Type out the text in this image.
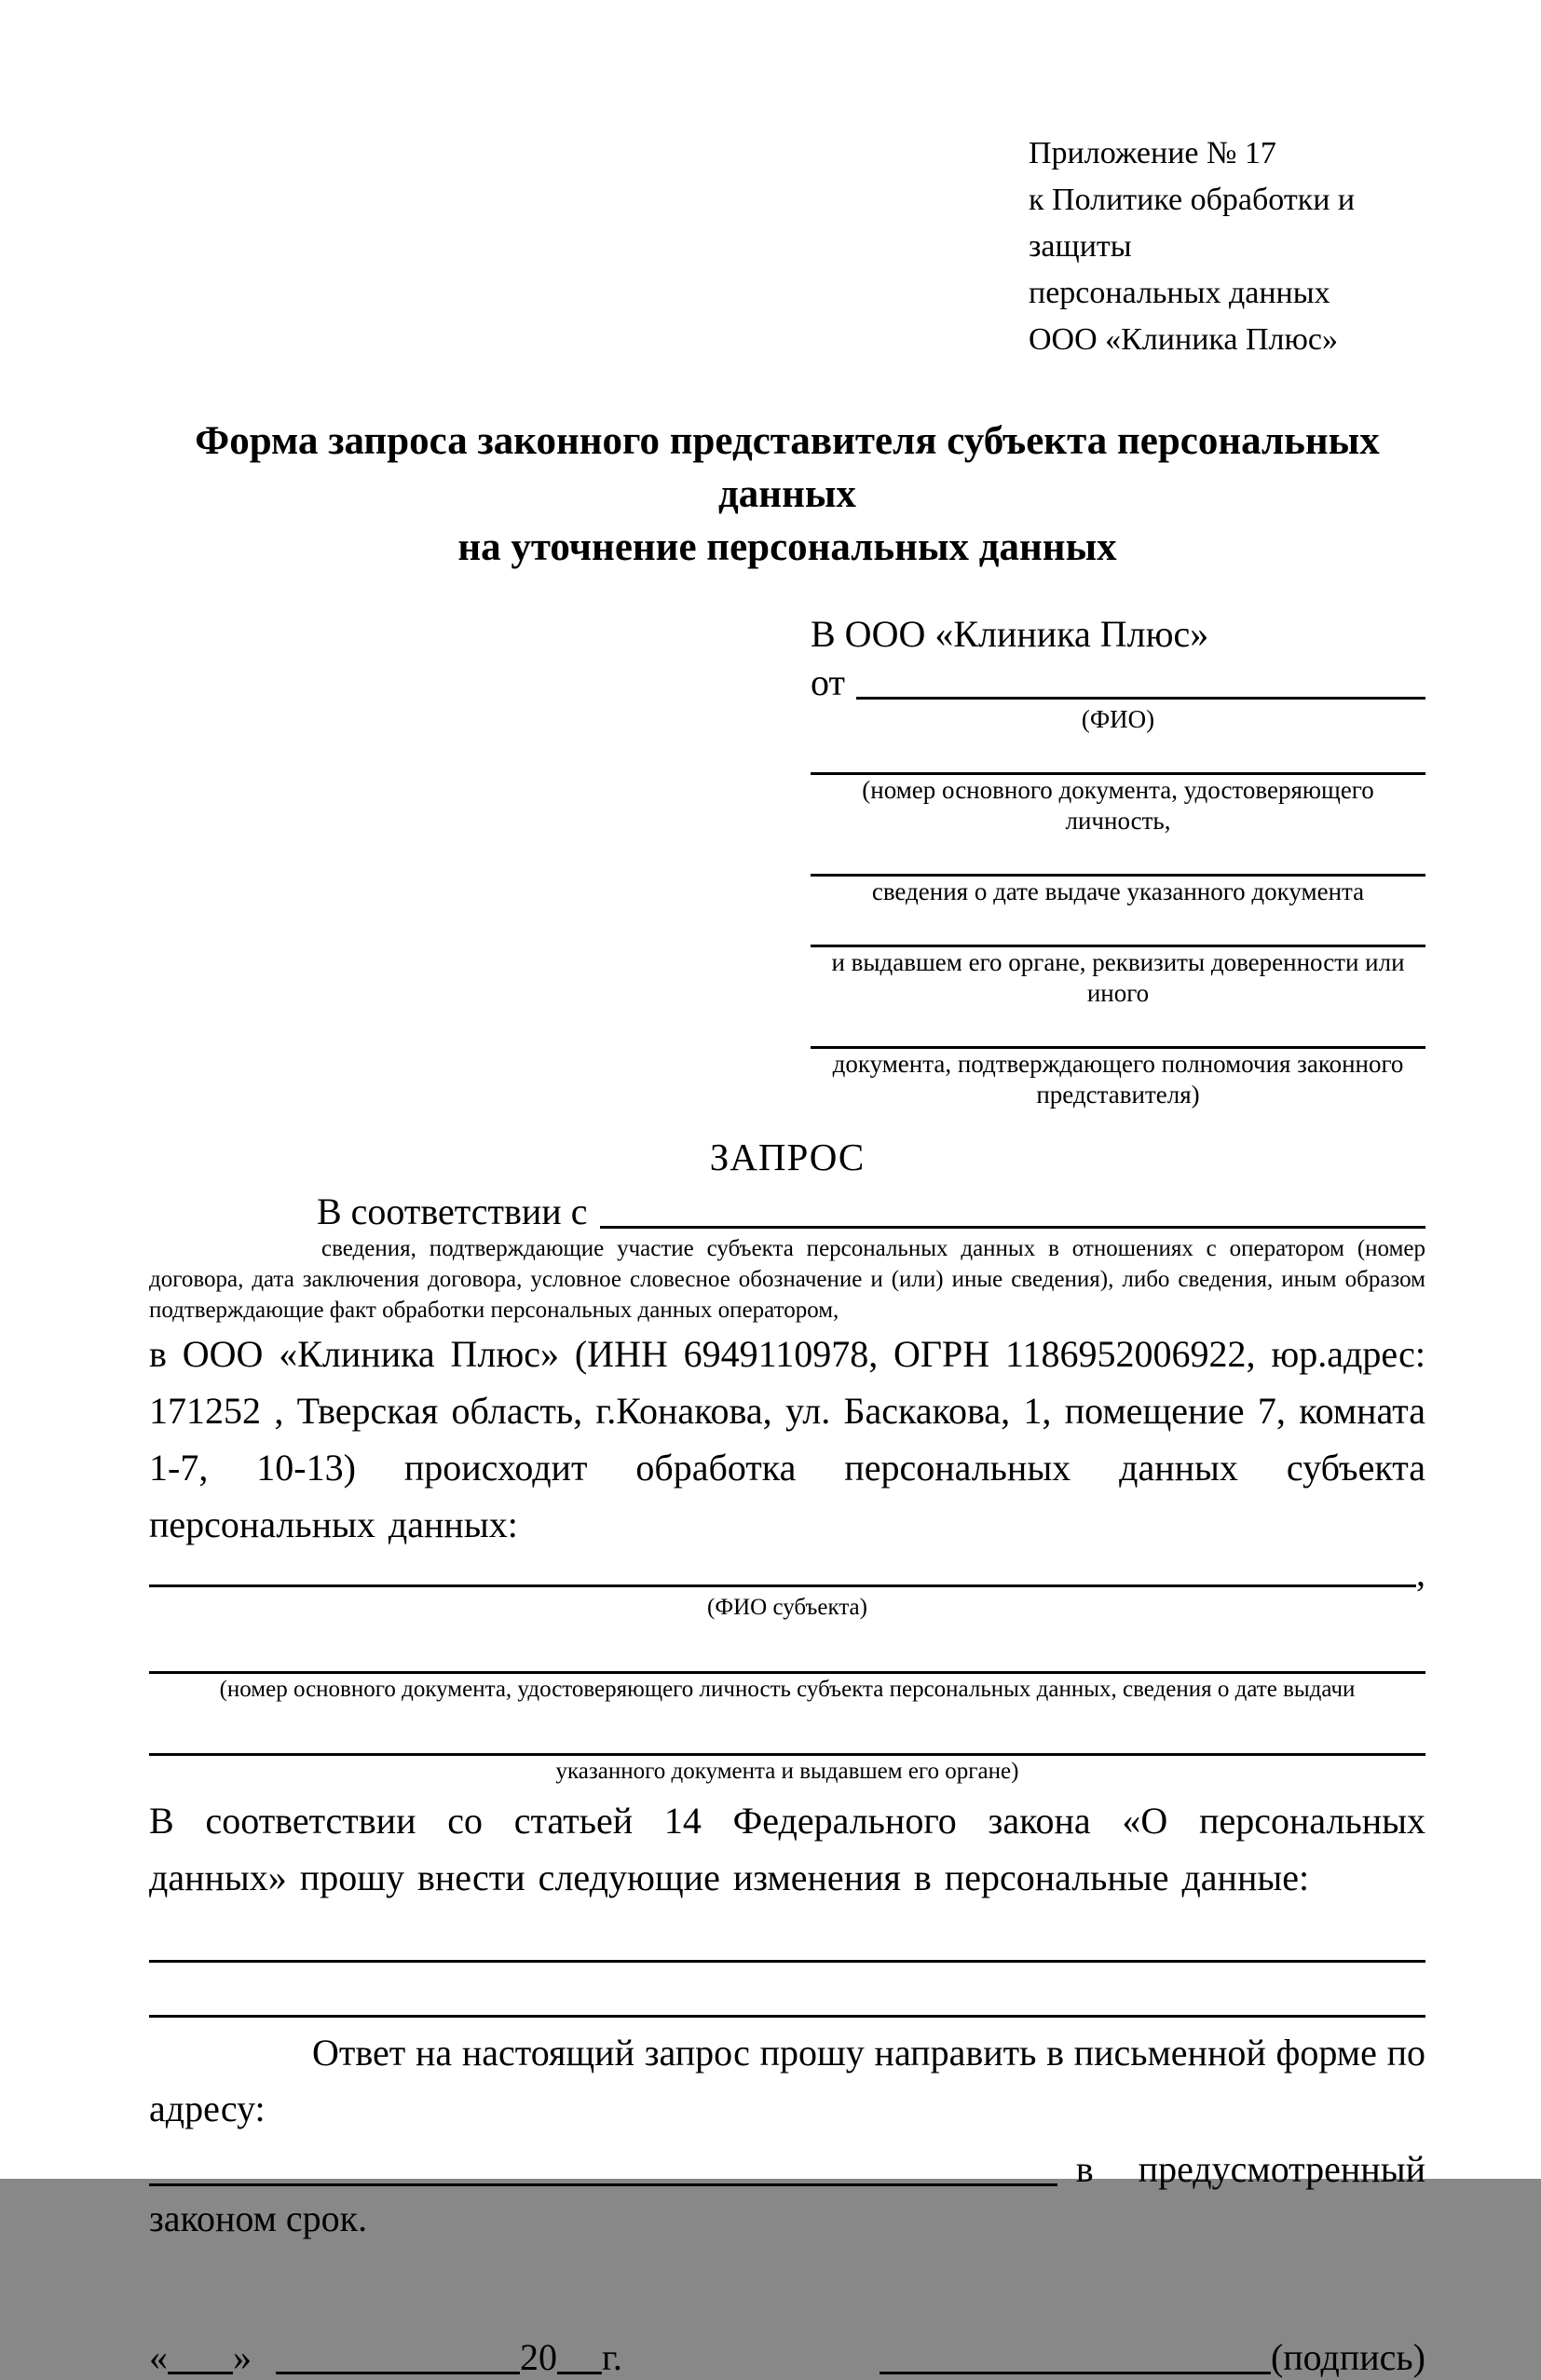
Приложение № 17
к Политике обработки и защиты
персональных данных
ООО «Клиника Плюс»
Форма запроса законного представителя субъекта персональных данных
на уточнение персональных данных
В ООО «Клиника Плюс»
от
(ФИО)
(номер основного документа, удостоверяющего личность,
сведения о дате выдаче указанного документа
и выдавшем его органе, реквизиты доверенности или иного
документа, подтверждающего полномочия законного представителя)
ЗАПРОС
В соответствии с
сведения, подтверждающие участие субъекта персональных данных в отношениях с оператором (номер договора, дата заключения договора, условное словесное обозначение и (или) иные сведения), либо сведения, иным образом подтверждающие факт обработки персональных данных оператором,
в ООО «Клиника Плюс» (ИНН 6949110978, ОГРН 1186952006922, юр.адрес: 171252 , Тверская область, г.Конакова, ул. Баскакова, 1, помещение 7, комната 1-7, 10-13) происходит обработка персональных данных субъекта персональных данных:
,
(ФИО субъекта)
(номер основного документа, удостоверяющего личность субъекта персональных данных, сведения о дате выдачи
указанного документа и выдавшем его органе)
В соответствии со статьей 14 Федерального закона «О персональных данных» прошу внести следующие изменения в персональные данные:
Ответ на настоящий запрос прошу направить в письменной форме по адресу:
в предусмотренный
законом срок.
« »	20 г.	(подпись)
